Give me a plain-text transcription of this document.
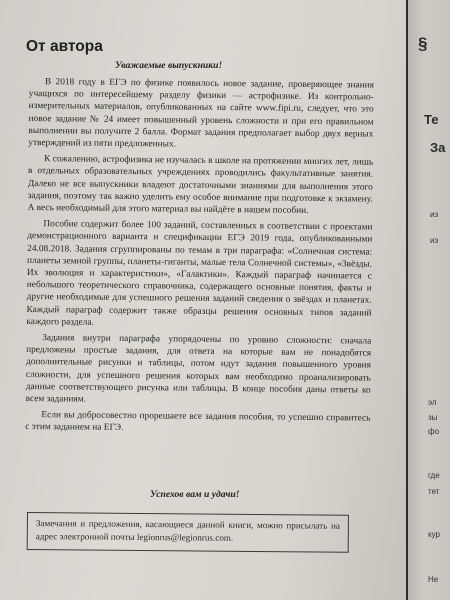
От автора

Уважаемые выпускники!

В 2018 году в ЕГЭ по физике появилось новое задание, проверяющее знания учащихся по интересейшему разделу физики — астрофизике. Из контрольно-измерительных материалов, опубликованных на сайте www.fipi.ru, следует, что это новое задание № 24 имеет повышенный уровень сложности и при его правильном выполнении вы получите 2 балла. Формат задания предполагает выбор двух верных утверждений из пяти предложенных.

К сожалению, астрофизика не изучалась в школе на протяжении многих лет, лишь в отдельных образовательных учреждениях проводились факультативные занятия. Далеко не все выпускники владеют достаточными знаниями для выполнения этого задания, поэтому так важно уделить ему особое внимание при подготовке к экзамену. А весь необходимый для этого материал вы найдёте в нашем пособии.

Пособие содержит более 100 заданий, составленных в соответствии с проектами демонстрационного варианта и спецификации ЕГЭ 2019 года, опубликованными 24.08.2018. Задания сгруппированы по темам в три параграфа: «Солнечная система: планеты земной группы, планеты-гиганты, малые тела Солнечной системы», «Звёзды. Их эволюция и характеристики», «Галактики». Каждый параграф начинается с небольшого теоретического справочника, содержащего основные понятия, факты и другие необходимые для успешного решения заданий сведения о звёздах и планетах. Каждый параграф содержит также образцы решения основных типов заданий каждого раздела.

Задания внутри параграфа упорядочены по уровню сложности: сначала предложены простые задания, для ответа на которые вам не понадобятся дополнительные рисунки и таблицы, потом идут задания повышенного уровня сложности, для успешного решения которых вам необходимо проанализировать данные соответствующего рисунка или таблицы. В конце пособия даны ответы ко всем заданиям.

Если вы добросовестно прорешаете все задания пособия, то успешно справитесь с этим заданием на ЕГЭ.

Успехов вам и удачи!

Замечания и предложения, касающиеся данной книги, можно присылать на адрес электронной почты legionrus@legionrus.com.
§
Те
За
из
из
эл
зы
фо
где
тет
кур
Не
